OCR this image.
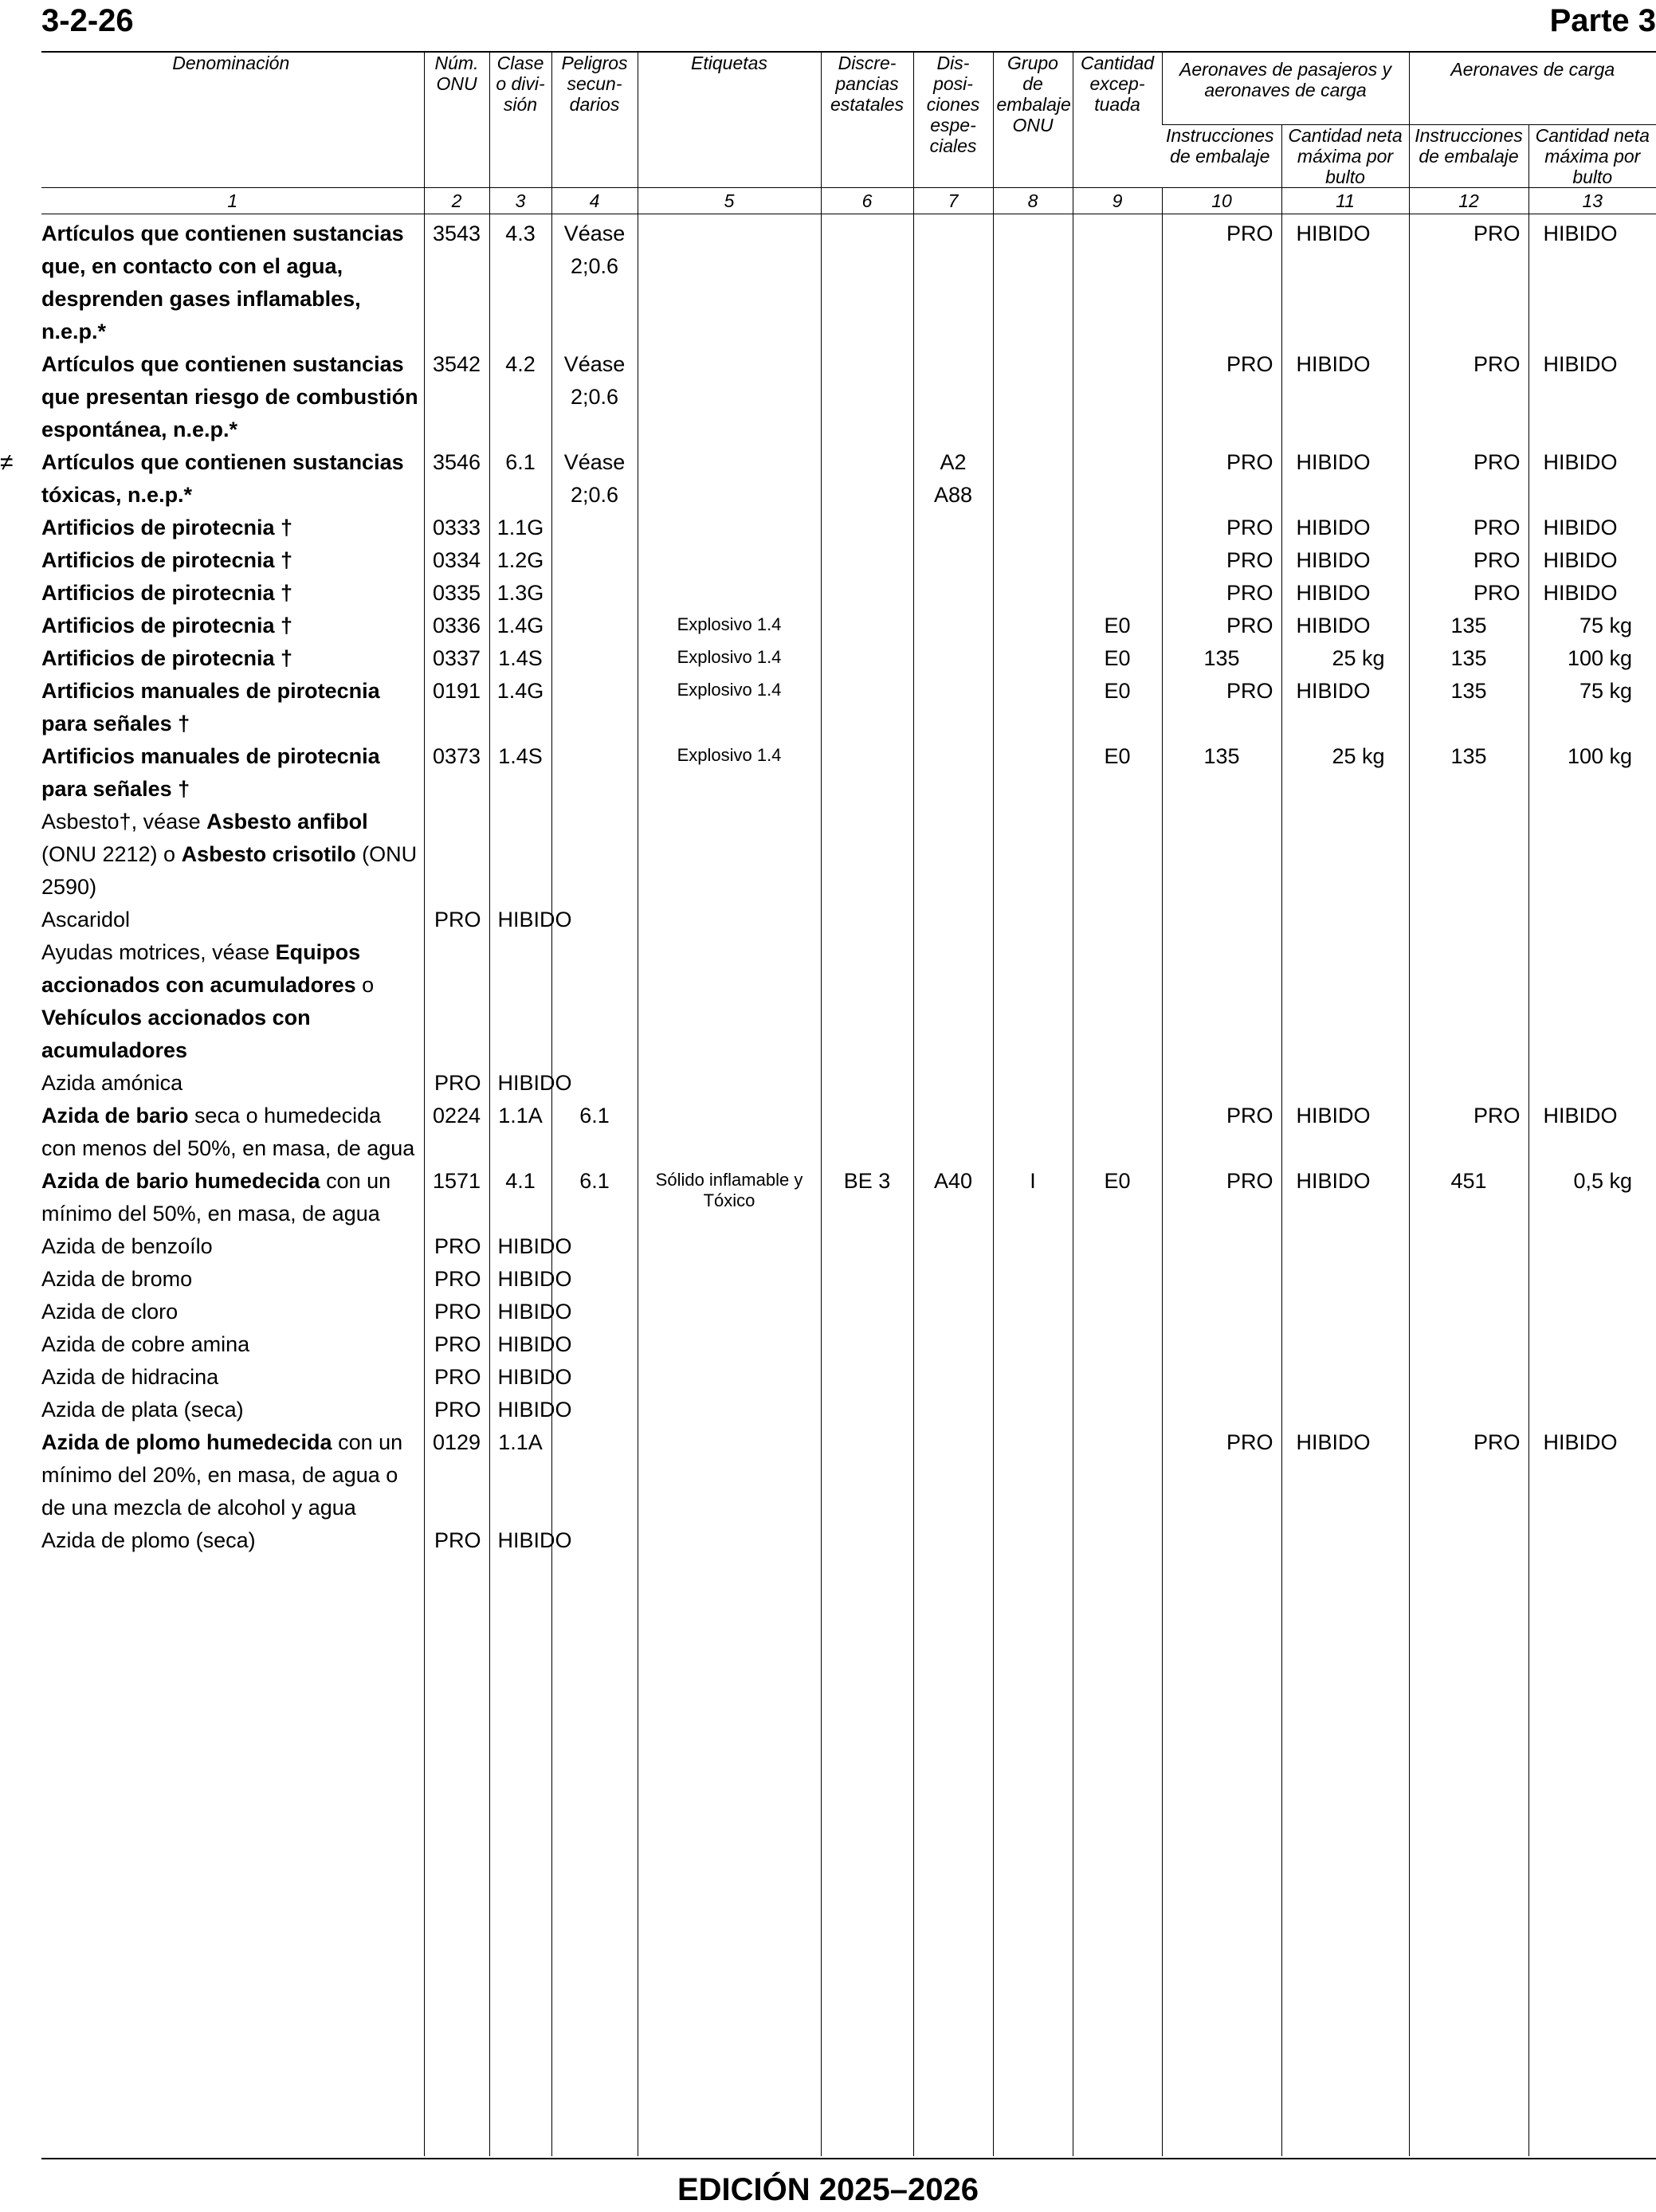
3-2-26	Parte 3
Denominación	Núm. ONU	Clase o divi- sión	Peligros secun- darios	Etiquetas	Discre- pancias estatales	Dis- posi- ciones espe- ciales	Grupo de embalaje ONU	Cantidad excep- tuada	Aeronaves de pasajeros y aeronaves de carga		Aeronaves de carga	
									Instrucciones de embalaje	Cantidad neta máxima por bulto	Instrucciones de embalaje	Cantidad neta máxima por bulto
1	2	3	4	5	6	7	8	9	10	11	12	13
Artículos que contienen sustancias que, en contacto con el agua, desprenden gases inflamables, n.e.p.*	3543	4.3	Véase 2;0.6						PRO	HIBIDO	PRO	HIBIDO

Artículos que contienen sustancias que presentan riesgo de combustión espontánea, n.e.p.*	3542	4.2	Véase 2;0.6						PRO	HIBIDO	PRO	HIBIDO

≠ Artículos que contienen sustancias tóxicas, n.e.p.*	3546	6.1	Véase 2;0.6			A2 A88			PRO	HIBIDO	PRO	HIBIDO

Artificios de pirotecnia †	0333	1.1G							PRO	HIBIDO	PRO	HIBIDO

Artificios de pirotecnia †	0334	1.2G							PRO	HIBIDO	PRO	HIBIDO

Artificios de pirotecnia †	0335	1.3G							PRO	HIBIDO	PRO	HIBIDO

Artificios de pirotecnia †	0336	1.4G		Explosivo 1.4				E0	PRO	HIBIDO	135	75 kg
Artificios de pirotecnia †	0337	1.4S		Explosivo 1.4				E0	135	25 kg	135	100 kg
Artificios manuales de pirotecnia para señales †	0191	1.4G		Explosivo 1.4				E0	PRO	HIBIDO	135	75 kg
Artificios manuales de pirotecnia para señales †	0373	1.4S		Explosivo 1.4				E0	135	25 kg	135	100 kg
Asbesto†, véase Asbesto anfibol (ONU 2212) o Asbesto crisotilo (ONU 2590)												
Ascaridol	PRO	HIBIDO										

Ayudas motrices, véase Equipos accionados con acumuladores o Vehículos accionados con acumuladores												
Azida amónica	PRO	HIBIDO										

Azida de bario seca o humedecida con menos del 50%, en masa, de agua	0224	1.1A	6.1						PRO	HIBIDO	PRO	HIBIDO

Azida de bario humedecida con un mínimo del 50%, en masa, de agua	1571	4.1	6.1	Sólido inflamable y Tóxico	BE 3	A40	I	E0	PRO	HIBIDO	451	0,5 kg
Azida de benzoílo	PRO	HIBIDO										

Azida de bromo	PRO	HIBIDO										

Azida de cloro	PRO	HIBIDO										

Azida de cobre amina	PRO	HIBIDO										

Azida de hidracina	PRO	HIBIDO										

Azida de plata (seca)	PRO	HIBIDO										

Azida de plomo humedecida con un mínimo del 20%, en masa, de agua o de una mezcla de alcohol y agua	0129	1.1A							PRO	HIBIDO	PRO	HIBIDO

Azida de plomo (seca)	PRO	HIBIDO										

EDICIÓN 2025–2026
